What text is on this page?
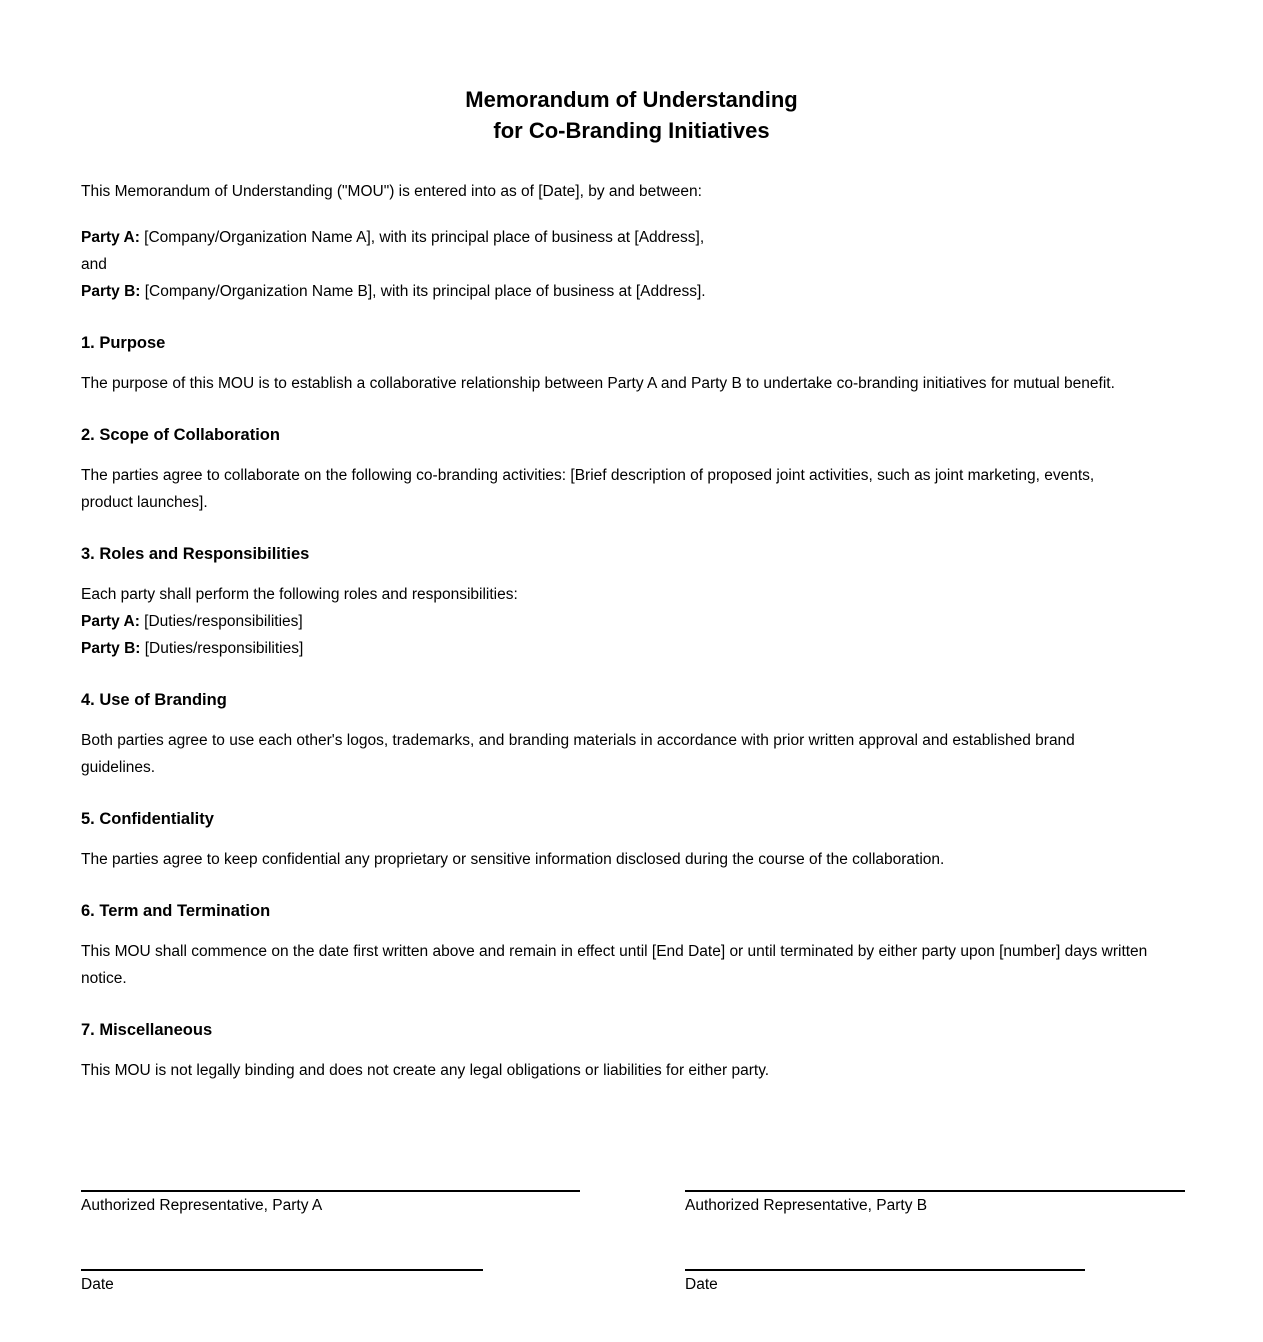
Memorandum of Understanding
for Co-Branding Initiatives

This Memorandum of Understanding ("MOU") is entered into as of [Date], by and between:

Party A: [Company/Organization Name A], with its principal place of business at [Address],

and

Party B: [Company/Organization Name B], with its principal place of business at [Address].

1. Purpose

The purpose of this MOU is to establish a collaborative relationship between Party A and Party B to undertake co-branding initiatives for mutual benefit.

2. Scope of Collaboration

The parties agree to collaborate on the following co-branding activities: [Brief description of proposed joint activities, such as joint marketing, events, product launches].

3. Roles and Responsibilities

Each party shall perform the following roles and responsibilities:

Party A: [Duties/responsibilities]

Party B: [Duties/responsibilities]

4. Use of Branding

Both parties agree to use each other's logos, trademarks, and branding materials in accordance with prior written approval and established brand guidelines.

5. Confidentiality

The parties agree to keep confidential any proprietary or sensitive information disclosed during the course of the collaboration.

6. Term and Termination

This MOU shall commence on the date first written above and remain in effect until [End Date] or until terminated by either party upon [number] days written notice.

7. Miscellaneous

This MOU is not legally binding and does not create any legal obligations or liabilities for either party.

Authorized Representative, Party A
Date
Authorized Representative, Party B
Date
